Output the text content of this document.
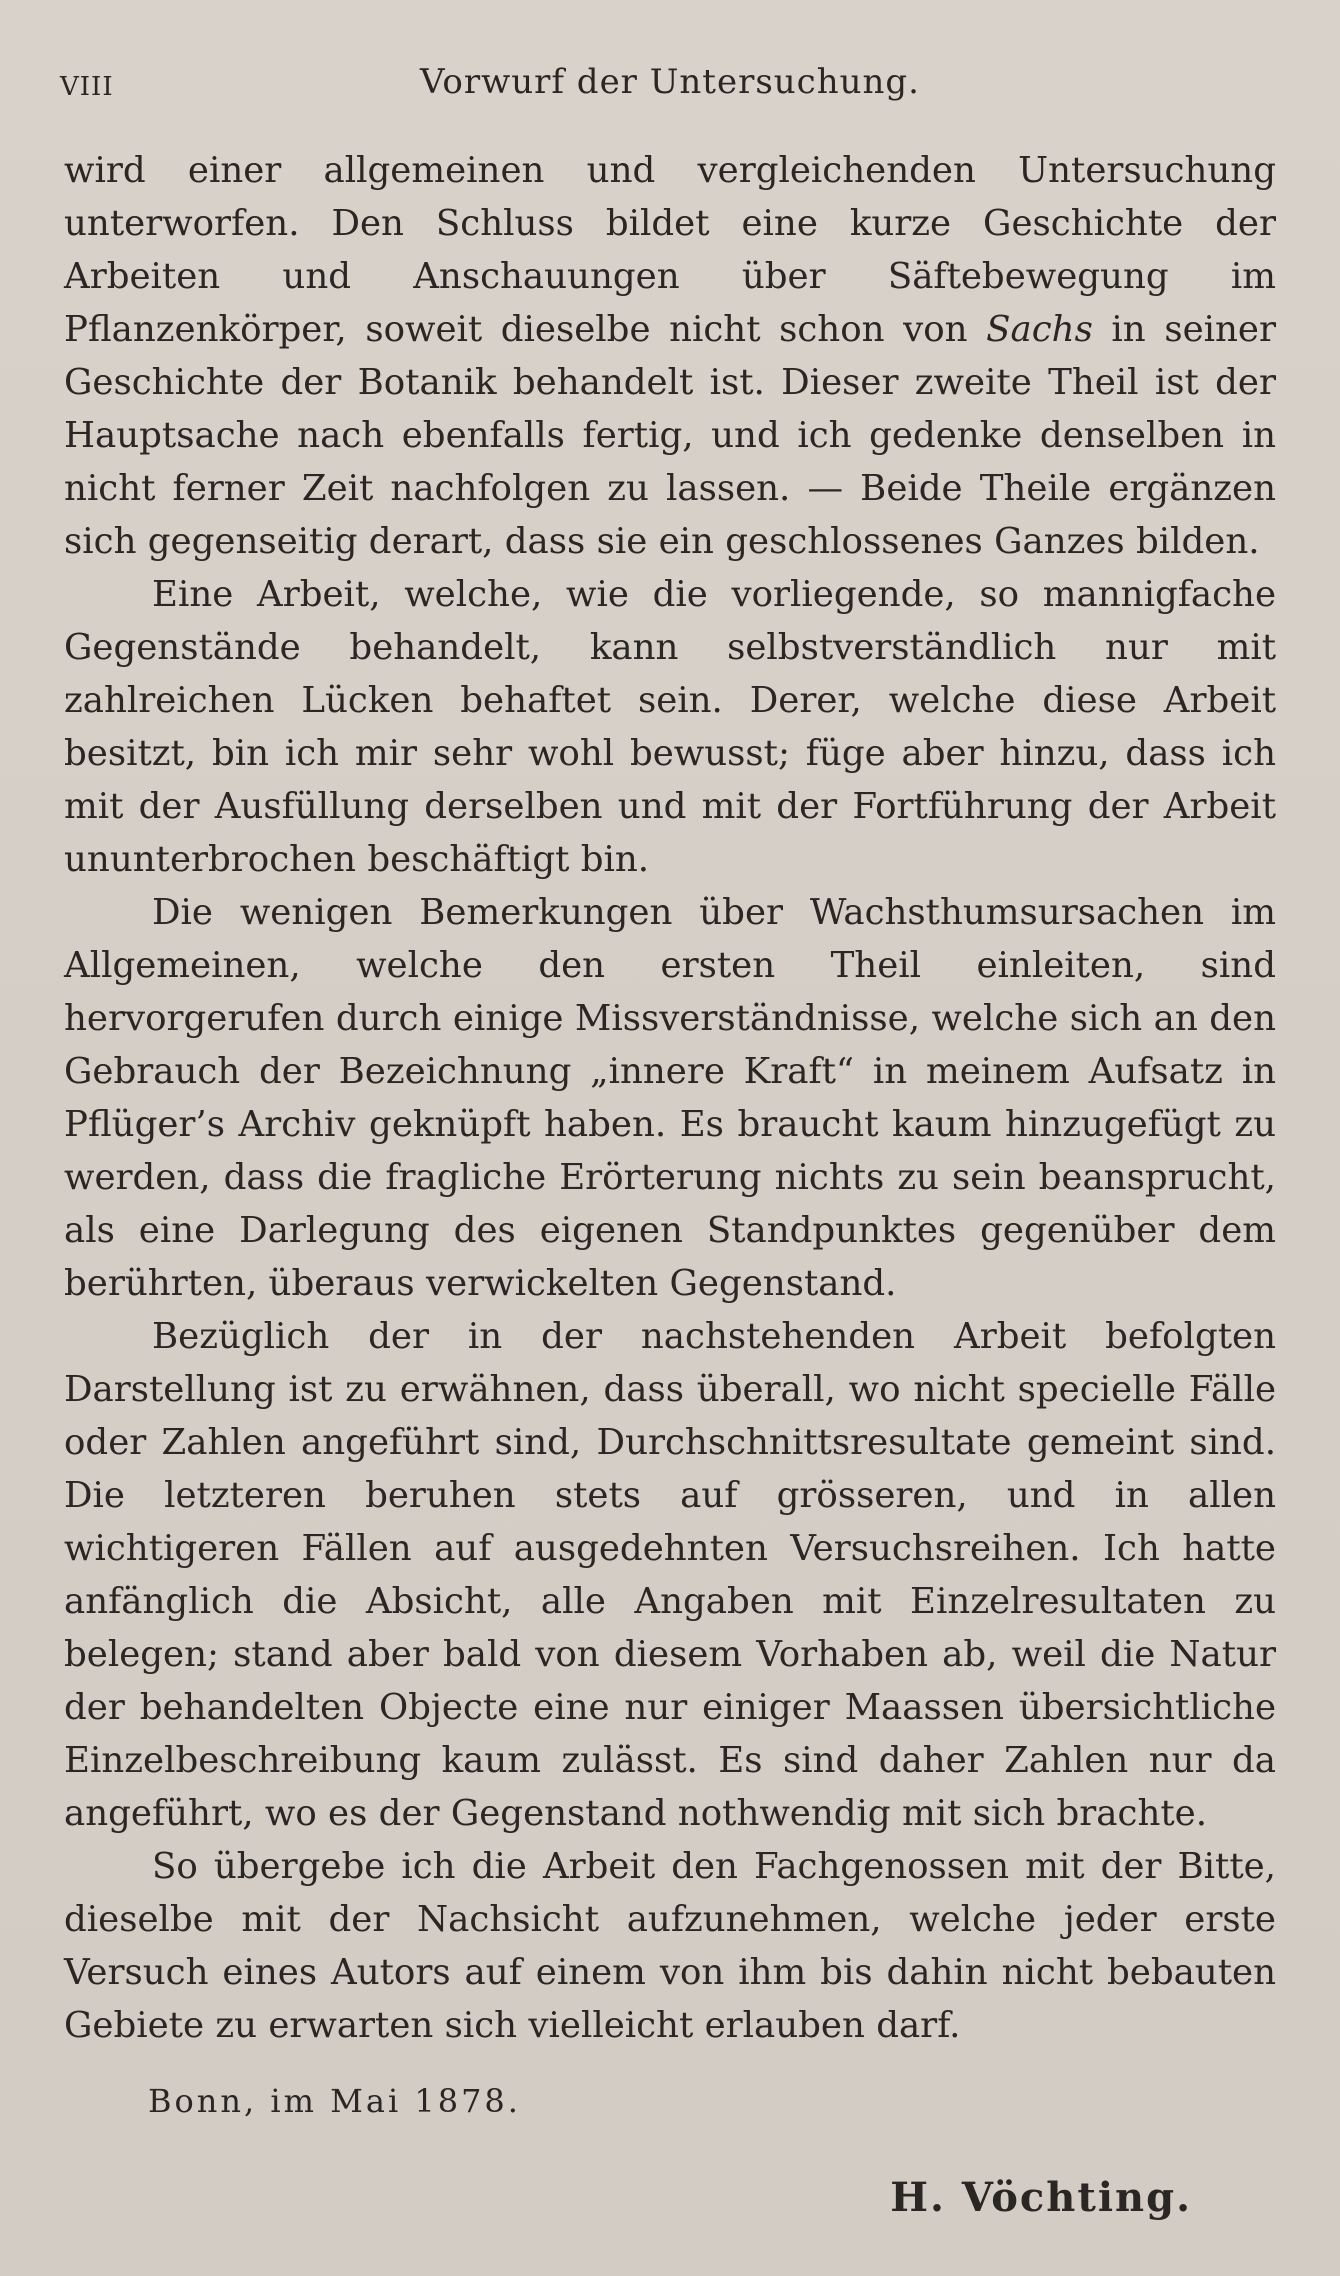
VIII	Vorwurf der Untersuchung.

wird einer allgemeinen und vergleichenden Untersuchung unterworfen. Den Schluss bildet eine kurze Geschichte der Arbeiten und Anschauungen über Säftebewegung im Pflanzenkörper, soweit dieselbe nicht schon von Sachs in seiner Geschichte der Botanik behandelt ist. Dieser zweite Theil ist der Hauptsache nach ebenfalls fertig, und ich gedenke denselben in nicht ferner Zeit nachfolgen zu lassen. — Beide Theile ergänzen sich gegenseitig derart, dass sie ein geschlossenes Ganzes bilden.

Eine Arbeit, welche, wie die vorliegende, so mannigfache Gegenstände behandelt, kann selbstverständlich nur mit zahlreichen Lücken behaftet sein. Derer, welche diese Arbeit besitzt, bin ich mir sehr wohl bewusst; füge aber hinzu, dass ich mit der Ausfüllung derselben und mit der Fortführung der Arbeit ununterbrochen beschäftigt bin.

Die wenigen Bemerkungen über Wachsthumsursachen im Allgemeinen, welche den ersten Theil einleiten, sind hervorgerufen durch einige Missverständnisse, welche sich an den Gebrauch der Bezeichnung „innere Kraft“ in meinem Aufsatz in Pflüger’s Archiv geknüpft haben. Es braucht kaum hinzugefügt zu werden, dass die fragliche Erörterung nichts zu sein beansprucht, als eine Darlegung des eigenen Standpunktes gegenüber dem berührten, überaus verwickelten Gegenstand.

Bezüglich der in der nachstehenden Arbeit befolgten Darstellung ist zu erwähnen, dass überall, wo nicht specielle Fälle oder Zahlen angeführt sind, Durchschnittsresultate gemeint sind. Die letzteren beruhen stets auf grösseren, und in allen wichtigeren Fällen auf ausgedehnten Versuchsreihen. Ich hatte anfänglich die Absicht, alle Angaben mit Einzelresultaten zu belegen; stand aber bald von diesem Vorhaben ab, weil die Natur der behandelten Objecte eine nur einiger Maassen übersichtliche Einzelbeschreibung kaum zulässt. Es sind daher Zahlen nur da angeführt, wo es der Gegenstand nothwendig mit sich brachte.

So übergebe ich die Arbeit den Fachgenossen mit der Bitte, dieselbe mit der Nachsicht aufzunehmen, welche jeder erste Versuch eines Autors auf einem von ihm bis dahin nicht bebauten Gebiete zu erwarten sich vielleicht erlauben darf.

Bonn, im Mai 1878.
H. Vöchting.
